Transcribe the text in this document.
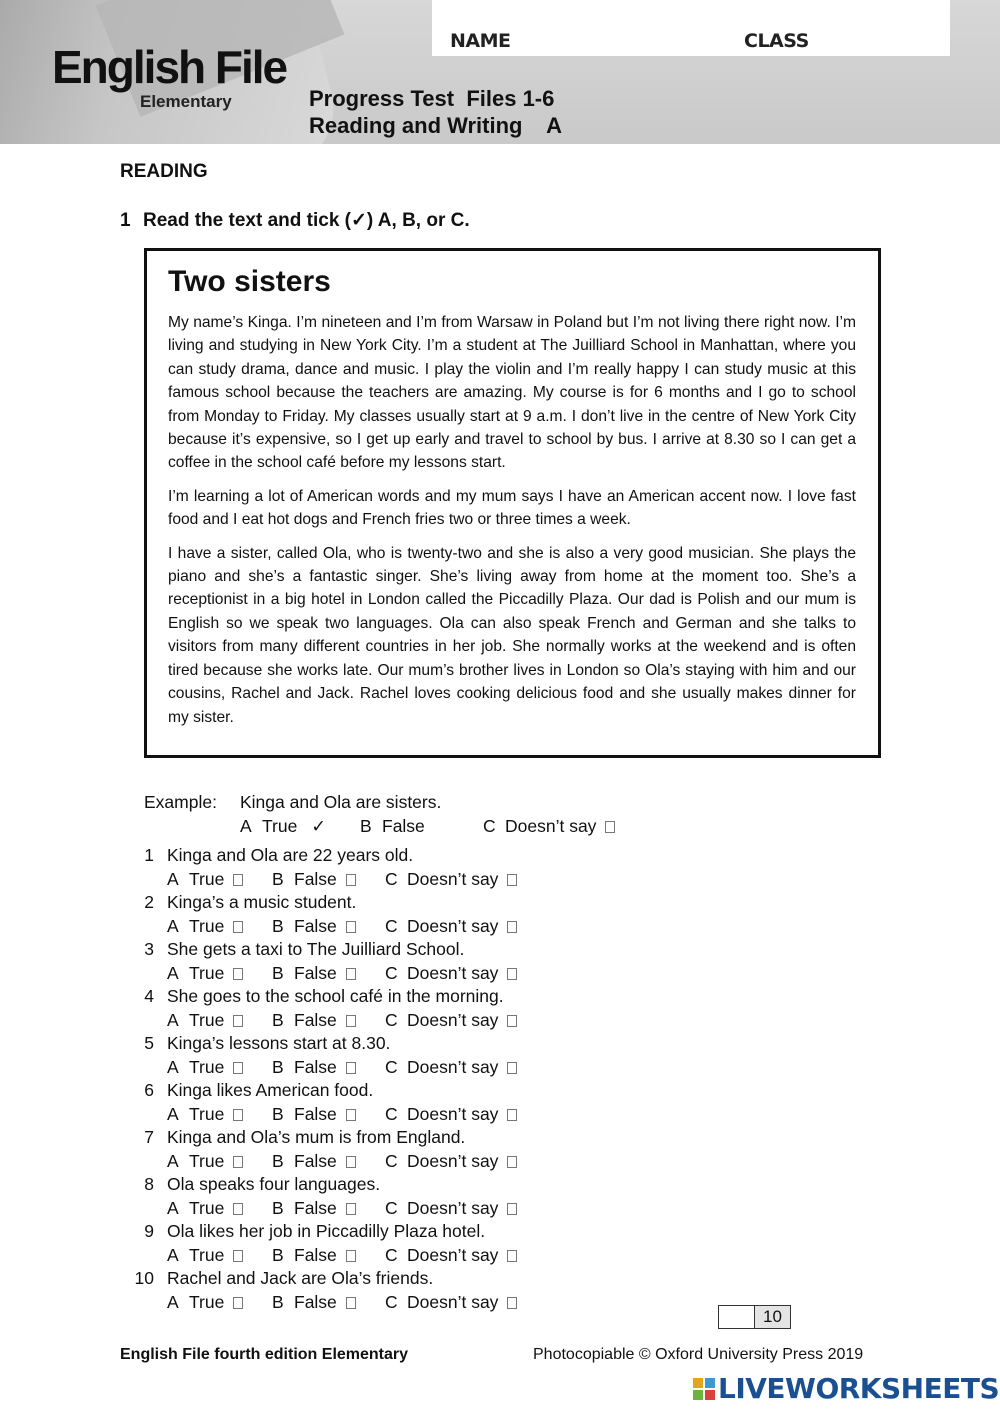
English File
Elementary
NAME	CLASS
Progress Test  Files 1-6
Reading and Writing    A
READING
1 Read the text and tick (✓) A, B, or C.
Two sisters

My name’s Kinga. I’m nineteen and I’m from Warsaw in Poland but I’m not living there right now. I’m living and studying in New York City. I’m a student at The Juilliard School in Manhattan, where you can study drama, dance and music. I play the violin and I’m really happy I can study music at this famous school because the teachers are amazing. My course is for 6 months and I go to school from Monday to Friday. My classes usually start at 9 a.m. I don’t live in the centre of New York City because it’s expensive, so I get up early and travel to school by bus. I arrive at 8.30 so I can get a coffee in the school café before my lessons start.

I’m learning a lot of American words and my mum says I have an American accent now. I love fast food and I eat hot dogs and French fries two or three times a week.

I have a sister, called Ola, who is twenty-two and she is also a very good musician. She plays the piano and she’s a fantastic singer. She’s living away from home at the moment too. She’s a receptionist in a big hotel in London called the Piccadilly Plaza. Our dad is Polish and our mum is English so we speak two languages. Ola can also speak French and German and she talks to visitors from many different countries in her job. She normally works at the weekend and is often tired because she works late. Our mum’s brother lives in London so Ola’s staying with him and our cousins, Rachel and Jack. Rachel loves cooking delicious food and she usually makes dinner for my sister.

Example: Kinga and Ola are sisters.
A True ✓ B False	C Doesn’t say
1 Kinga and Ola are 22 years old.
A True	B False	C Doesn’t say
2 Kinga’s a music student.
A True	B False	C Doesn’t say
3 She gets a taxi to The Juilliard School.
A True	B False	C Doesn’t say
4 She goes to the school café in the morning.
A True	B False	C Doesn’t say
5 Kinga’s lessons start at 8.30.
A True	B False	C Doesn’t say
6 Kinga likes American food.
A True	B False	C Doesn’t say
7 Kinga and Ola’s mum is from England.
A True	B False	C Doesn’t say
8 Ola speaks four languages.
A True	B False	C Doesn’t say
9 Ola likes her job in Piccadilly Plaza hotel.
A True	B False	C Doesn’t say
10 Rachel and Jack are Ola’s friends.
A True	B False	C Doesn’t say
10
English File fourth edition Elementary	Photocopiable © Oxford University Press 2019
LIVEWORKSHEETS
